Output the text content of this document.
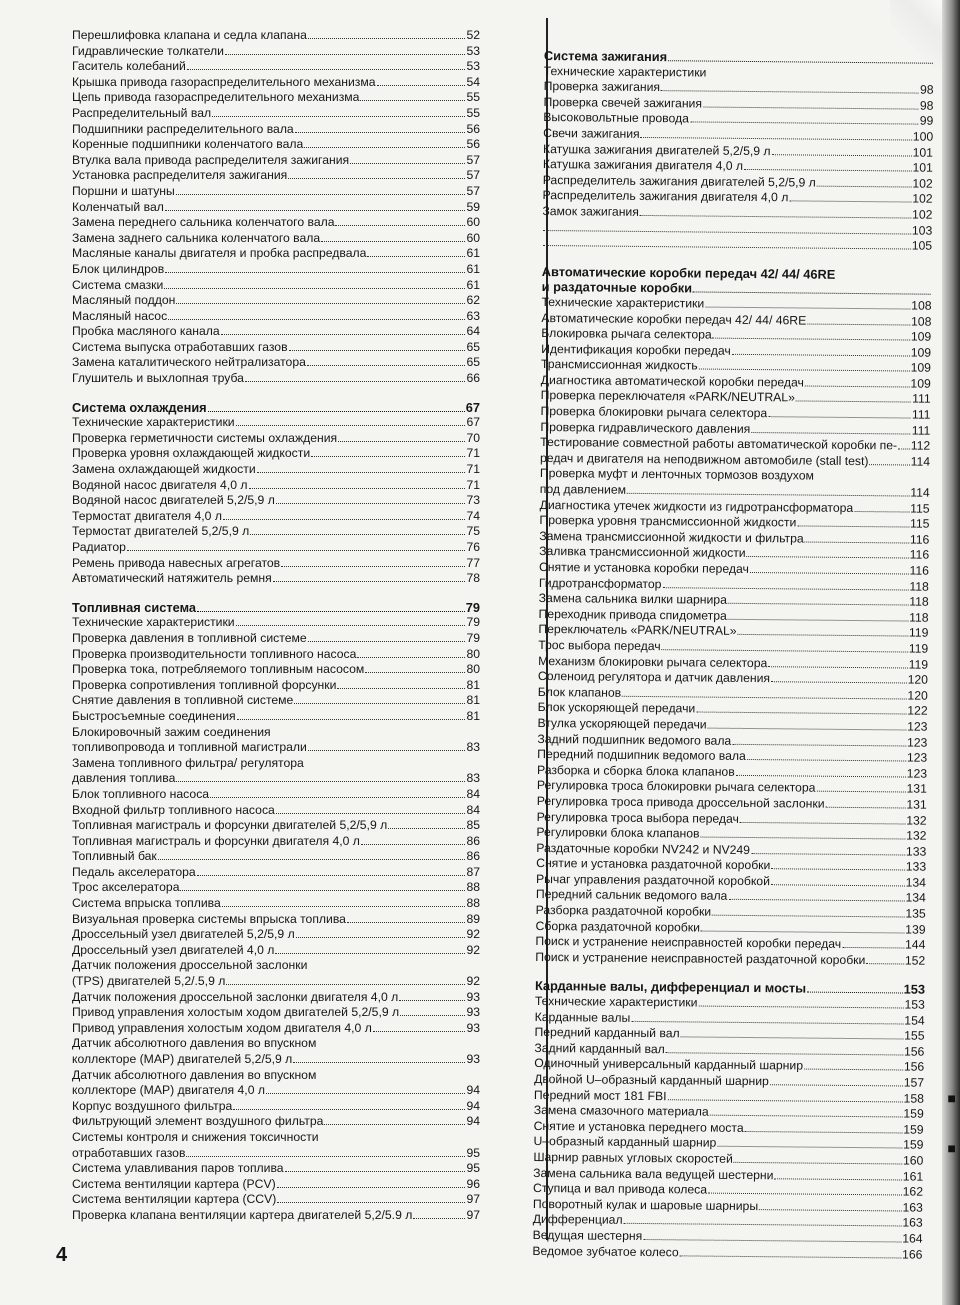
Перешлифовка клапана и седла клапана	52
Гидравлические толкатели	53
Гаситель колебаний	53
Крышка привода газораспределительного механизма	54
Цепь привода газораспределительного механизма	55
Распределительный вал	55
Подшипники распределительного вала	56
Коренные подшипники коленчатого вала	56
Втулка вала привода распределителя зажигания	57
Установка распределителя зажигания	57
Поршни и шатуны	57
Коленчатый вал	59
Замена переднего сальника коленчатого вала	60
Замена заднего сальника коленчатого вала	60
Масляные каналы двигателя и пробка распредвала	61
Блок цилиндров	61
Система смазки	61
Масляный поддон	62
Масляный насос	63
Пробка масляного канала	64
Система выпуска отработавших газов	65
Замена каталитического нейтрализатора	65
Глушитель и выхлопная труба	66
Система охлаждения	67
Технические характеристики	67
Проверка герметичности системы охлаждения	70
Проверка уровня охлаждающей жидкости	71
Замена охлаждающей жидкости	71
Водяной насос двигателя 4,0 л	71
Водяной насос двигателей 5,2/5,9 л	73
Термостат двигателя 4,0 л	74
Термостат двигателей 5,2/5,9 л	75
Радиатор	76
Ремень привода навесных агрегатов	77
Автоматический натяжитель ремня	78
Топливная система	79
Технические характеристики	79
Проверка давления в топливной системе	79
Проверка производительности топливного насоса	80
Проверка тока, потребляемого топливным насосом	80
Проверка сопротивления топливной форсунки	81
Снятие давления в топливной системе	81
Быстросъемные соединения	81
Блокировочный зажим соединения
топливопровода и топливной магистрали	83
Замена топливного фильтра/ регулятора
давления топлива	83
Блок топливного насоса	84
Входной фильтр топливного насоса	84
Топливная магистраль и форсунки двигателей 5,2/5,9 л	85
Топливная магистраль и форсунки двигателя 4,0 л	86
Топливный бак	86
Педаль акселератора	87
Трос акселератора	88
Система впрыска топлива	88
Визуальная проверка системы впрыска топлива	89
Дроссельный узел двигателей 5,2/5,9 л	92
Дроссельный узел двигателей 4,0 л	92
Датчик положения дроссельной заслонки
(TPS) двигателей 5,2/.5,9 л	92
Датчик положения дроссельной заслонки двигателя 4,0 л	93
Привод управления холостым ходом двигателей 5,2/5,9 л	93
Привод управления холостым ходом двигателя 4,0 л	93
Датчик абсолютного давления во впускном
коллекторе (МАР) двигателей 5,2/5,9 л	93
Датчик абсолютного давления во впускном
коллекторе (МАР) двигателя 4,0 л	94
Корпус воздушного фильтра	94
Фильтрующий элемент воздушного фильтра	94
Системы контроля и снижения токсичности
отработавших газов	95
Система улавливания паров топлива	95
Система вентиляции картера (PCV)	96
Система вентиляции картера (CCV)	97
Проверка клапана вентиляции картера двигателей 5,2/5.9 л	97
Система зажигания
Технические характеристики
Проверка зажигания	98
Проверка свечей зажигания	98
Высоковольтные провода	99
Свечи зажигания	100
Катушка зажигания двигателей 5,2/5,9 л	101
Катушка зажигания двигателя 4,0 л	101
Распределитель зажигания двигателей 5,2/5,9 л	102
Распределитель зажигания двигателя 4,0 л	102
Замок зажигания	102
103
105
Автоматические коробки передач 42/ 44/ 46RE
и раздаточные коробки
Технические характеристики	108
Автоматические коробки передач 42/ 44/ 46RE	108
Блокировка рычага селектора	109
Идентификация коробки передач	109
Трансмиссионная жидкость	109
Диагностика автоматической коробки передач	109
Проверка переключателя «PARK/NEUTRAL»	111
Проверка блокировки рычага селектора	111
Проверка гидравлического давления	111
Тестирование совместной работы автоматической коробки пе- 112
редач и двигателя на неподвижном автомобиле (stall test)	114
Проверка муфт и ленточных тормозов воздухом
под давлением	114
Диагностика утечек жидкости из гидротрансформатора	115
Проверка уровня трансмиссионной жидкости	115
Замена трансмиссионной жидкости и фильтра	116
Заливка трансмиссионной жидкости	116
Снятие и установка коробки передач	116
Гидротрансформатор	118
Замена сальника вилки шарнира	118
Переходник привода спидометра	118
Переключатель «PARK/NEUTRAL»	119
Трос выбора передач	119
Механизм блокировки рычага селектора	119
Соленоид регулятора и датчик давления	120
Блок клапанов	120
Блок ускоряющей передачи	122
Втулка ускоряющей передачи	123
Задний подшипник ведомого вала	123
Передний подшипник ведомого вала	123
Разборка и сборка блока клапанов	123
Регулировка троса блокировки рычага селектора	131
Регулировка троса привода дроссельной заслонки	131
Регулировка троса выбора передач	132
Регулировки блока клапанов	132
Раздаточные коробки NV242 и NV249	133
Снятие и установка раздаточной коробки	133
Рычаг управления раздаточной коробкой	134
Передний сальник ведомого вала	134
Разборка раздаточной коробки	135
Сборка раздаточной коробки	139
Поиск и устранение неисправностей коробки передач	144
Поиск и устранение неисправностей раздаточной коробки	152
Карданные валы, дифференциал и мосты	153
Технические характеристики	153
Карданные валы	154
Передний карданный вал	155
Задний карданный вал	156
Одиночный универсальный карданный шарнир	156
Двойной U–образный карданный шарнир	157
Передний мост 181 FBI	158
Замена смазочного материала	159
Снятие и установка переднего моста	159
U–образный карданный шарнир	159
Шарнир равных угловых скоростей	160
Замена сальника вала ведущей шестерни	161
Ступица и вал привода колеса	162
Поворотный кулак и шаровые шарниры	163
Дифференциал	163
Ведущая шестерня	164
Ведомое зубчатое колесо	166
4
■
■
